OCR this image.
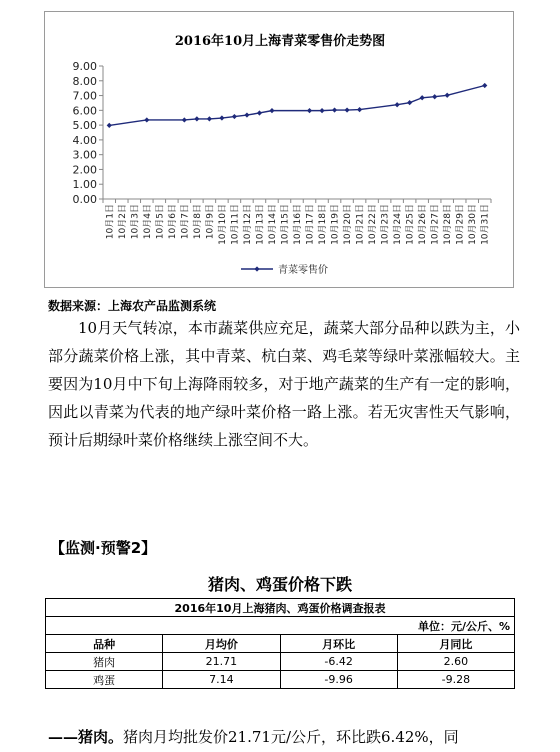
2016年10月上海青菜零售价走势图
0.00
1.00
2.00
3.00
4.00
5.00
6.00
7.00
8.00
9.00
10月1日 10月2日 10月3日 10月4日 10月5日 10月6日 10月7日 10月8日 10月9日 10月10日 10月11日 10月12日 10月13日 10月14日 10月15日 10月16日 10月17日 10月18日 10月19日 10月20日 10月21日 10月22日 10月23日 10月24日 10月25日 10月26日 10月27日 10月28日 10月29日 10月30日 10月31日
青菜零售价
数据来源：上海农产品监测系统

10月天气转凉，本市蔬菜供应充足，蔬菜大部分品种以跌为主，小部分蔬菜价格上涨，其中青菜、杭白菜、鸡毛菜等绿叶菜涨幅较大。主要因为10月中下旬上海降雨较多，对于地产蔬菜的生产有一定的影响，因此以青菜为代表的地产绿叶菜价格一路上涨。若无灾害性天气影响，预计后期绿叶菜价格继续上涨空间不大。

【监测·预警2】
猪肉、鸡蛋价格下跌
2016年10月上海猪肉、鸡蛋价格调查报表			
单位：元/公斤、%			
品种	月均价	月环比	月同比
猪肉	21.71	-6.42	2.60
鸡蛋	7.14	-9.96	-9.28
——猪肉。猪肉月均批发价21.71元/公斤，环比跌6.42%，同
